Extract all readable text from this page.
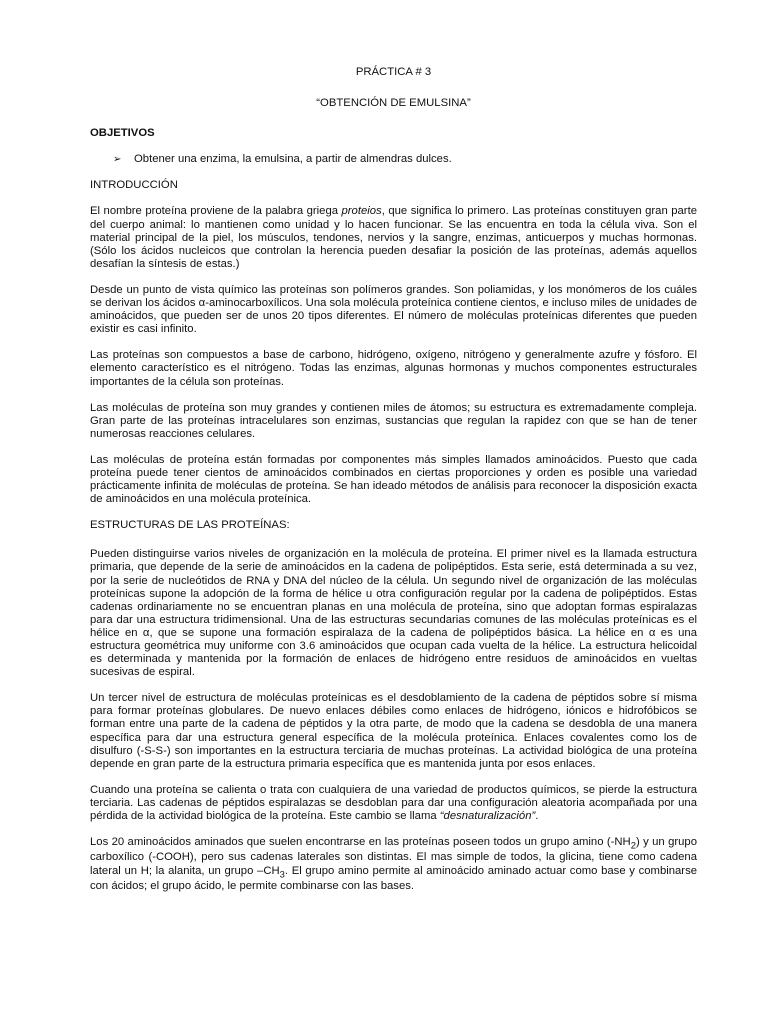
PRÁCTICA # 3
“OBTENCIÓN DE EMULSINA”
OBJETIVOS
➢	Obtener una enzima, la emulsina, a partir de almendras dulces.
INTRODUCCIÓN

El nombre proteína proviene de la palabra griega proteios, que significa lo primero. Las proteínas constituyen gran parte del cuerpo animal: lo mantienen como unidad y lo hacen funcionar. Se las encuentra en toda la célula viva. Son el material principal de la piel, los músculos, tendones, nervios y la sangre, enzimas, anticuerpos y muchas hormonas. (Sólo los ácidos nucleicos que controlan la herencia pueden desafiar la posición de las proteínas, además aquellos desafían la síntesis de estas.)

Desde un punto de vista químico las proteínas son polímeros grandes. Son poliamidas, y los monómeros de los cuáles se derivan los ácidos α-aminocarboxílicos. Una sola molécula proteínica contiene cientos, e incluso miles de unidades de aminoácidos, que pueden ser de unos 20 tipos diferentes. El número de moléculas proteínicas diferentes que pueden existir es casi infinito.

Las proteínas son compuestos a base de carbono, hidrógeno, oxígeno, nitrógeno y generalmente azufre y fósforo. El elemento característico es el nitrógeno. Todas las enzimas, algunas hormonas y muchos componentes estructurales importantes de la célula son proteínas.

Las moléculas de proteína son muy grandes y contienen miles de átomos; su estructura es extremadamente compleja. Gran parte de las proteínas intracelulares son enzimas, sustancias que regulan la rapidez con que se han de tener numerosas reacciones celulares.

Las moléculas de proteína están formadas por componentes más simples llamados aminoácidos. Puesto que cada proteína puede tener cientos de aminoácidos combinados en ciertas proporciones y orden es posible una variedad prácticamente infinita de moléculas de proteína. Se han ideado métodos de análisis para reconocer la disposición exacta de aminoácidos en una molécula proteínica.

ESTRUCTURAS DE LAS PROTEÍNAS:

Pueden distinguirse varios niveles de organización en la molécula de proteína. El primer nivel es la llamada estructura primaria, que depende de la serie de aminoácidos en la cadena de polipéptidos. Esta serie, está determinada a su vez, por la serie de nucleótidos de RNA y DNA del núcleo de la célula. Un segundo nivel de organización de las moléculas proteínicas supone la adopción de la forma de hélice u otra configuración regular por la cadena de polipéptidos. Estas cadenas ordinariamente no se encuentran planas en una molécula de proteína, sino que adoptan formas espiralazas para dar una estructura tridimensional. Una de las estructuras secundarias comunes de las moléculas proteínicas es el hélice en α, que se supone una formación espiralaza de la cadena de polipéptidos básica. La hélice en α es una estructura geométrica muy uniforme con 3.6 aminoácidos que ocupan cada vuelta de la hélice. La estructura helicoidal es determinada y mantenida por la formación de enlaces de hidrógeno entre residuos de aminoácidos en vueltas sucesivas de espiral.

Un tercer nivel de estructura de moléculas proteínicas es el desdoblamiento de la cadena de péptidos sobre sí misma para formar proteínas globulares. De nuevo enlaces débiles como enlaces de hidrógeno, iónicos e hidrofóbicos se forman entre una parte de la cadena de péptidos y la otra parte, de modo que la cadena se desdobla de una manera específica para dar una estructura general específica de la molécula proteínica. Enlaces covalentes como los de disulfuro (-S-S-) son importantes en la estructura terciaria de muchas proteínas. La actividad biológica de una proteína depende en gran parte de la estructura primaria específica que es mantenida junta por esos enlaces.

Cuando una proteína se calienta o trata con cualquiera de una variedad de productos químicos, se pierde la estructura terciaria. Las cadenas de péptidos espiralazas se desdoblan para dar una configuración aleatoria acompañada por una pérdida de la actividad biológica de la proteína. Este cambio se llama “desnaturalización”.

Los 20 aminoácidos aminados que suelen encontrarse en las proteínas poseen todos un grupo amino $(-NH_2)$ y un grupo carboxílico (-COOH), pero sus cadenas laterales son distintas. El mas simple de todos, la glicina, tiene como cadena lateral un H; la alanita, un grupo $-CH_3$. El grupo amino permite al aminoácido aminado actuar como base y combinarse con ácidos; el grupo ácido, le permite combinarse con las bases.
